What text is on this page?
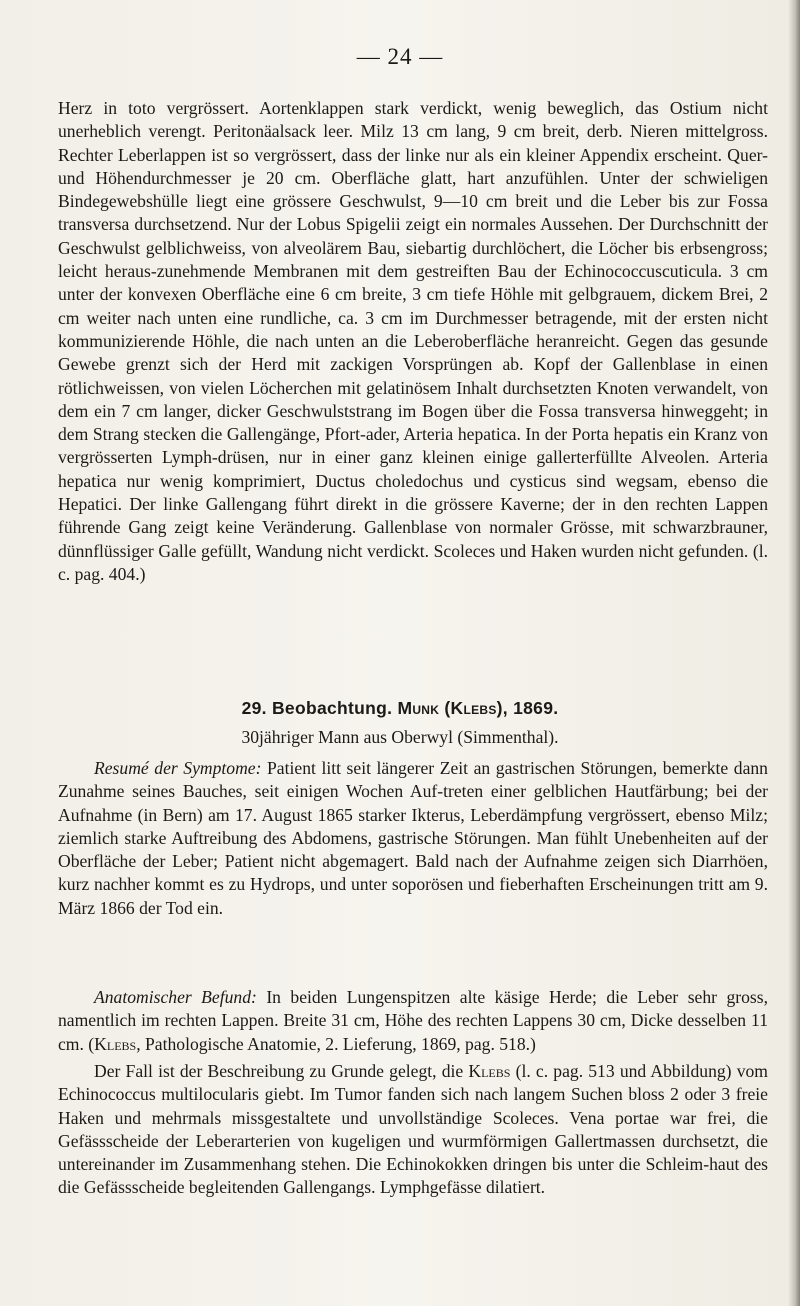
— 24 —
Herz in toto vergrössert. Aortenklappen stark verdickt, wenig beweglich, das Ostium nicht unerheblich verengt. Peritonäalsack leer. Milz 13 cm lang, 9 cm breit, derb. Nieren mittelgross. Rechter Leberlappen ist so vergrössert, dass der linke nur als ein kleiner Appendix erscheint. Quer- und Höhendurchmesser je 20 cm. Oberfläche glatt, hart anzufühlen. Unter der schwieligen Bindegewebshülle liegt eine grössere Geschwulst, 9—10 cm breit und die Leber bis zur Fossa transversa durchsetzend. Nur der Lobus Spigelii zeigt ein normales Aussehen. Der Durchschnitt der Geschwulst gelblichweiss, von alveolärem Bau, siebartig durchlöchert, die Löcher bis erbsengross; leicht heraus-zunehmende Membranen mit dem gestreiften Bau der Echinococcuscuticula. 3 cm unter der konvexen Oberfläche eine 6 cm breite, 3 cm tiefe Höhle mit gelbgrauem, dickem Brei, 2 cm weiter nach unten eine rundliche, ca. 3 cm im Durchmesser betragende, mit der ersten nicht kommunizierende Höhle, die nach unten an die Leberoberfläche heranreicht. Gegen das gesunde Gewebe grenzt sich der Herd mit zackigen Vorsprüngen ab. Kopf der Gallenblase in einen rötlichweissen, von vielen Löcherchen mit gelatinösem Inhalt durchsetzten Knoten verwandelt, von dem ein 7 cm langer, dicker Geschwulststrang im Bogen über die Fossa transversa hinweggeht; in dem Strang stecken die Gallengänge, Pfort-ader, Arteria hepatica. In der Porta hepatis ein Kranz von vergrösserten Lymph-drüsen, nur in einer ganz kleinen einige gallerterfüllte Alveolen. Arteria hepatica nur wenig komprimiert, Ductus choledochus und cysticus sind wegsam, ebenso die Hepatici. Der linke Gallengang führt direkt in die grössere Kaverne; der in den rechten Lappen führende Gang zeigt keine Veränderung. Gallenblase von normaler Grösse, mit schwarzbrauner, dünnflüssiger Galle gefüllt, Wandung nicht verdickt. Scoleces und Haken wurden nicht gefunden. (l. c. pag. 404.)
29. Beobachtung. Munk (Klebs), 1869.
30jähriger Mann aus Oberwyl (Simmenthal).
Resumé der Symptome: Patient litt seit längerer Zeit an gastrischen Störungen, bemerkte dann Zunahme seines Bauches, seit einigen Wochen Auf-treten einer gelblichen Hautfärbung; bei der Aufnahme (in Bern) am 17. August 1865 starker Ikterus, Leberdämpfung vergrössert, ebenso Milz; ziemlich starke Auftreibung des Abdomens, gastrische Störungen. Man fühlt Unebenheiten auf der Oberfläche der Leber; Patient nicht abgemagert. Bald nach der Aufnahme zeigen sich Diarrhöen, kurz nachher kommt es zu Hydrops, und unter soporösen und fieberhaften Erscheinungen tritt am 9. März 1866 der Tod ein.
Anatomischer Befund: In beiden Lungenspitzen alte käsige Herde; die Leber sehr gross, namentlich im rechten Lappen. Breite 31 cm, Höhe des rechten Lappens 30 cm, Dicke desselben 11 cm. (Klebs, Pathologische Anatomie, 2. Lieferung, 1869, pag. 518.)
Der Fall ist der Beschreibung zu Grunde gelegt, die Klebs (l. c. pag. 513 und Abbildung) vom Echinococcus multilocularis giebt. Im Tumor fanden sich nach langem Suchen bloss 2 oder 3 freie Haken und mehrmals missgestaltete und unvollständige Scoleces. Vena portae war frei, die Gefässscheide der Leberarterien von kugeligen und wurmförmigen Gallertmassen durchsetzt, die untereinander im Zusammenhang stehen. Die Echinokokken dringen bis unter die Schleim-haut des die Gefässscheide begleitenden Gallengangs. Lymphgefässe dilatiert.
